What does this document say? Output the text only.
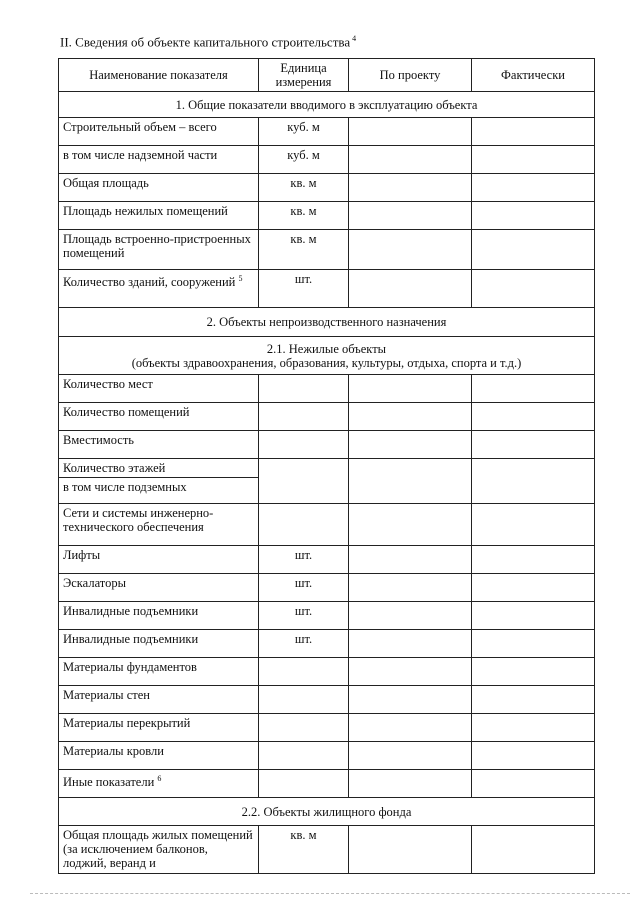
II. Сведения об объекте капитального строительства $^4$
Наименование показателя	Единица измерения	По проекту	Фактически
1. Общие показатели вводимого в эксплуатацию объекта			
Строительный объем – всего	куб. м		
в том числе надземной части	куб. м		
Общая площадь	кв. м		
Площадь нежилых помещений	кв. м		
Площадь встроенно-пристроенных помещений	кв. м		
Количество зданий, сооружений $^5$	шт.		
2. Объекты непроизводственного назначения			

2.1. Нежилые объекты
(объекты здравоохранения, образования, культуры, отдыха, спорта и т.д.)			

Количество мест			
Количество помещений			
Вместимость			
Количество этажей			
в том числе подземных			
Сети и системы инженерно-технического обеспечения			
Лифты	шт.		
Эскалаторы	шт.		
Инвалидные подъемники	шт.		
Инвалидные подъемники	шт.		
Материалы фундаментов			
Материалы стен			
Материалы перекрытий			
Материалы кровли			
Иные показатели $^6$			
2.2. Объекты жилищного фонда			
Общая площадь жилых помещений (за исключением балконов, лоджий, веранд и	кв. м		
